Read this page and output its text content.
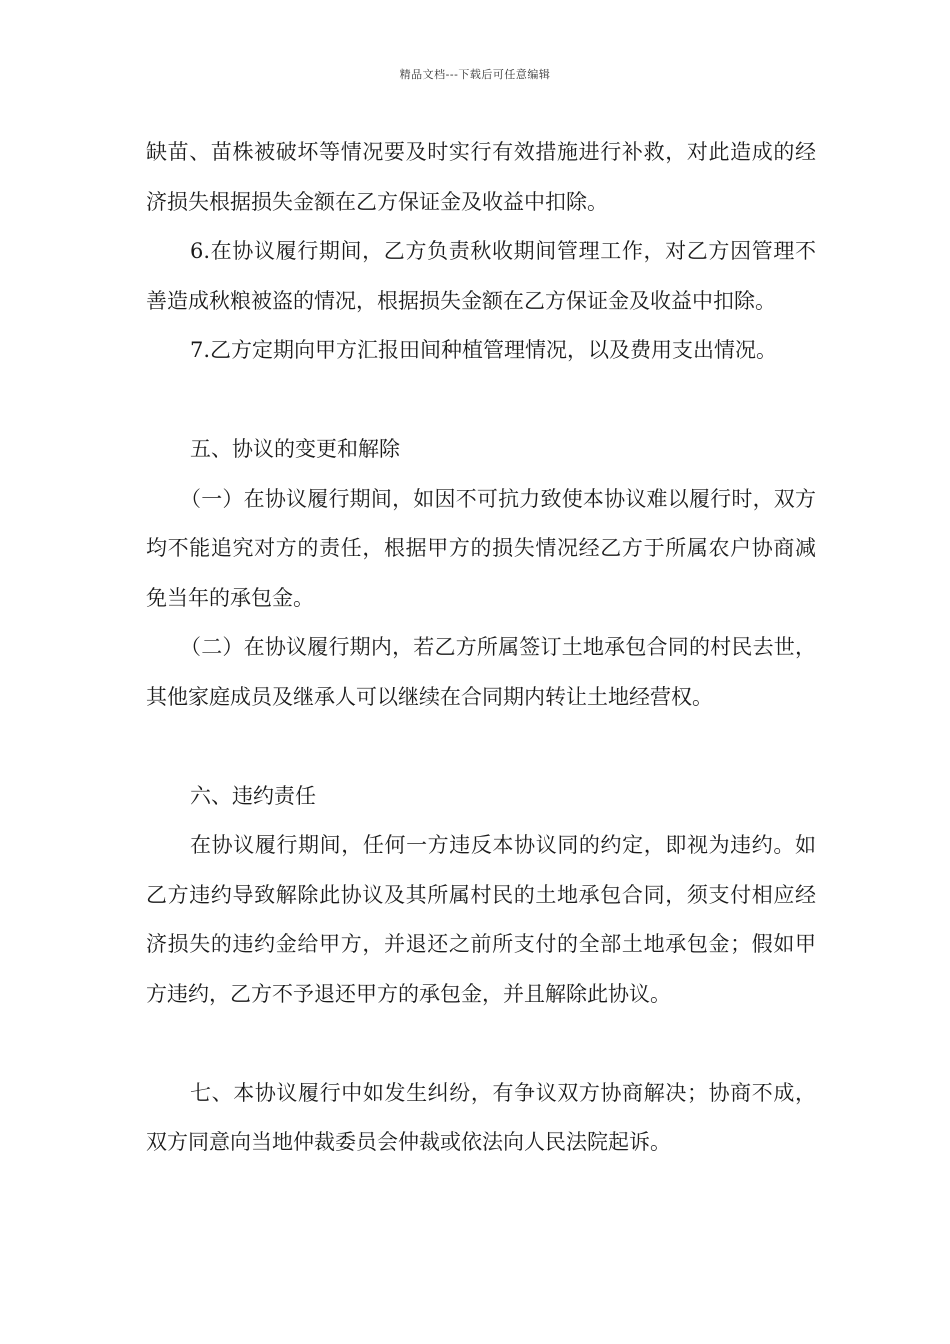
精品文档---下载后可任意编辑

缺苗、苗株被破坏等情况要及时实行有效措施进行补救，对此造成的经济损失根据损失金额在乙方保证金及收益中扣除。

6.在协议履行期间，乙方负责秋收期间管理工作，对乙方因管理不善造成秋粮被盗的情况，根据损失金额在乙方保证金及收益中扣除。

7.乙方定期向甲方汇报田间种植管理情况，以及费用支出情况。

五、协议的变更和解除

（一）在协议履行期间，如因不可抗力致使本协议难以履行时，双方均不能追究对方的责任，根据甲方的损失情况经乙方于所属农户协商减免当年的承包金。

（二）在协议履行期内，若乙方所属签订土地承包合同的村民去世，其他家庭成员及继承人可以继续在合同期内转让土地经营权。

六、违约责任

在协议履行期间，任何一方违反本协议同的约定，即视为违约。如乙方违约导致解除此协议及其所属村民的土地承包合同，须支付相应经济损失的违约金给甲方，并退还之前所支付的全部土地承包金；假如甲方违约，乙方不予退还甲方的承包金，并且解除此协议。

七、本协议履行中如发生纠纷，有争议双方协商解决；协商不成，双方同意向当地仲裁委员会仲裁或依法向人民法院起诉。
